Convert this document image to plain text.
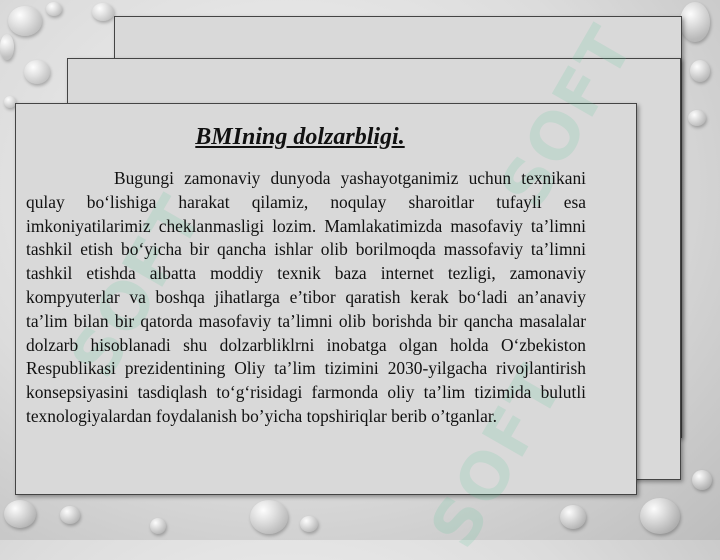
BMIning dolzarbligi.

Bugungi zamonaviy dunyoda yashayotganimiz uchun texnikani qulay bo‘lishiga harakat qilamiz, noqulay sharoitlar tufayli esa imkoniyatilarimiz cheklanmasligi lozim. Mamlakatimizda masofaviy ta’limni tashkil etish bo‘yicha bir qancha ishlar olib borilmoqda massofaviy ta’limni tashkil etishda albatta moddiy texnik baza internet tezligi, zamonaviy kompyuterlar va boshqa jihatlarga e’tibor qaratish kerak bo‘ladi an’anaviy ta’lim bilan bir qatorda masofaviy ta’limni olib borishda bir qancha masalalar dolzarb hisoblanadi shu dolzarbliklrni inobatga olgan holda O‘zbekiston Respublikasi prezidentining Oliy ta’lim tizimini 2030-yilgacha rivojlantirish konsepsiyasini tasdiqlash to‘g‘risidagi farmonda oliy ta’lim tizimida bulutli texnologiyalardan foydalanish bo’yicha topshiriqlar berib o’tganlar.
